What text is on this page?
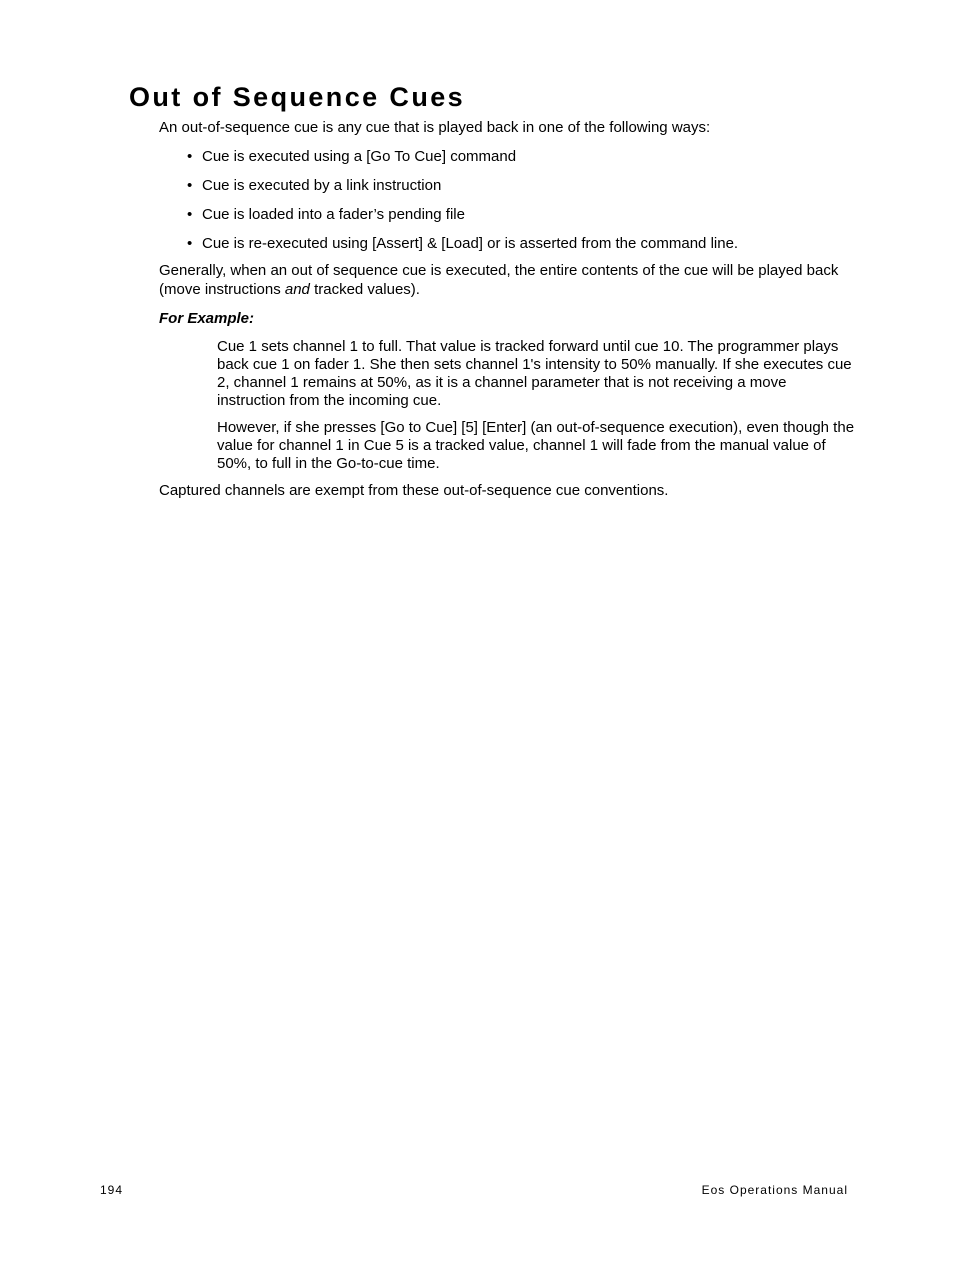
Out of Sequence Cues

An out-of-sequence cue is any cue that is played back in one of the following ways:

• Cue is executed using a [Go To Cue] command
• Cue is executed by a link instruction
• Cue is loaded into a fader’s pending file
• Cue is re-executed using [Assert] & [Load] or is asserted from the command line.

Generally, when an out of sequence cue is executed, the entire contents of the cue will be played back (move instructions and tracked values).

For Example:

Cue 1 sets channel 1 to full. That value is tracked forward until cue 10. The programmer plays back cue 1 on fader 1. She then sets channel 1's intensity to 50% manually. If she executes cue 2, channel 1 remains at 50%, as it is a channel parameter that is not receiving a move instruction from the incoming cue.

However, if she presses [Go to Cue] [5] [Enter] (an out-of-sequence execution), even though the value for channel 1 in Cue 5 is a tracked value, channel 1 will fade from the manual value of 50%, to full in the Go-to-cue time.

Captured channels are exempt from these out-of-sequence cue conventions.

194	Eos Operations Manual
